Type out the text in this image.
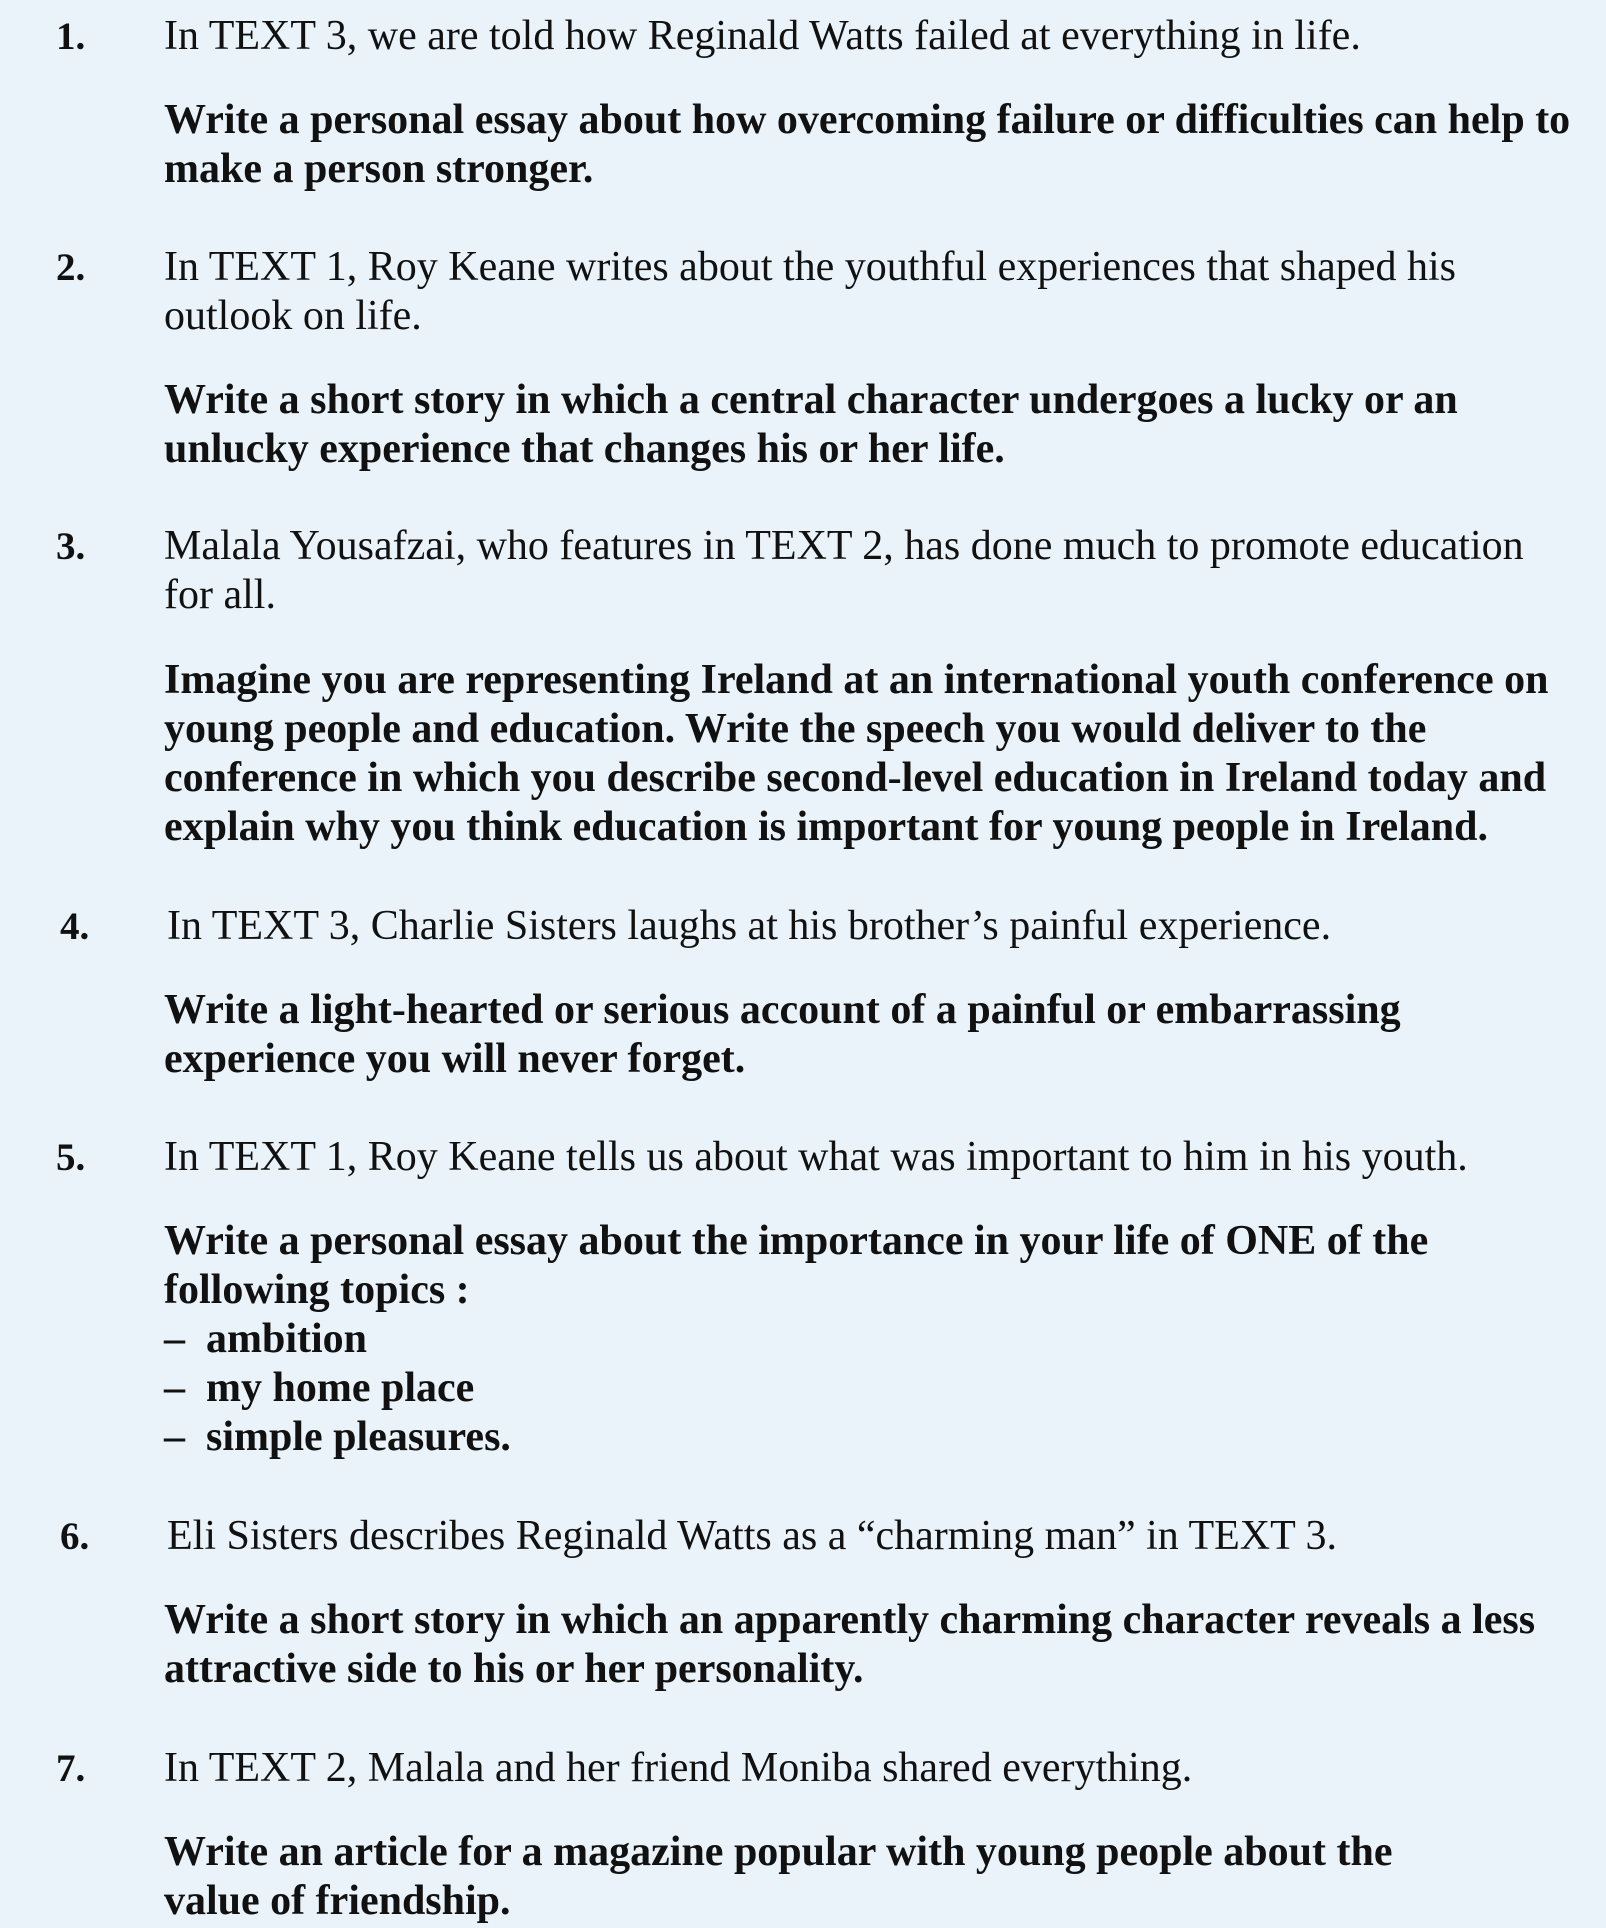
1. In TEXT 3, we are told how Reginald Watts failed at everything in life.
Write a personal essay about how overcoming failure or difficulties can help to
make a person stronger.
2. In TEXT 1, Roy Keane writes about the youthful experiences that shaped his
outlook on life.
Write a short story in which a central character undergoes a lucky or an
unlucky experience that changes his or her life.
3. Malala Yousafzai, who features in TEXT 2, has done much to promote education
for all.
Imagine you are representing Ireland at an international youth conference on
young people and education. Write the speech you would deliver to the
conference in which you describe second-level education in Ireland today and
explain why you think education is important for young people in Ireland.
4. In TEXT 3, Charlie Sisters laughs at his brother’s painful experience.
Write a light-hearted or serious account of a painful or embarrassing
experience you will never forget.
5. In TEXT 1, Roy Keane tells us about what was important to him in his youth.
Write a personal essay about the importance in your life of ONE of the
following topics :
– ambition
– my home place
– simple pleasures.
6. Eli Sisters describes Reginald Watts as a “charming man” in TEXT 3.
Write a short story in which an apparently charming character reveals a less
attractive side to his or her personality.
7. In TEXT 2, Malala and her friend Moniba shared everything.
Write an article for a magazine popular with young people about the
value of friendship.
